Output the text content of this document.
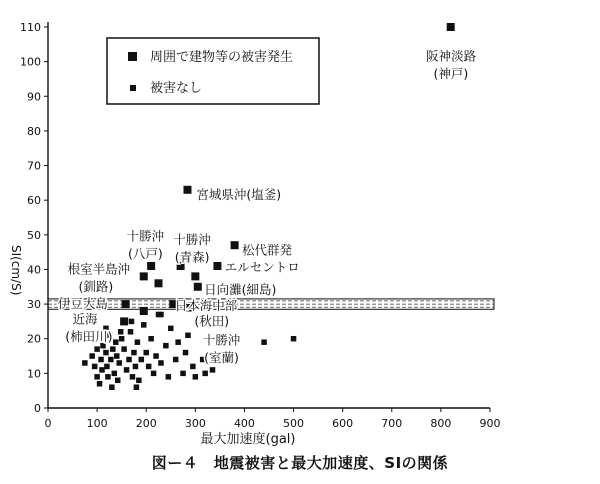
0	100	200	300	400	500	600	700	800	900
0
10
20
30
40
50
60
70
80
90
100
110
阪神淡路
(神戸)
宮城県沖(塩釜)
十勝沖
(八戸)
十勝沖
(青森)	松代群発
根室半島沖	エルセントロ
(釧路)	日向灘(細島)
伊豆大島	日本海中部
近海	(秋田)
(柿田川)	十勝沖
(室蘭)
周囲で建物等の被害発生
被害なし
SI(cm/S)
最大加速度(gal)
図ー４　地震被害と最大加速度、SIの関係
